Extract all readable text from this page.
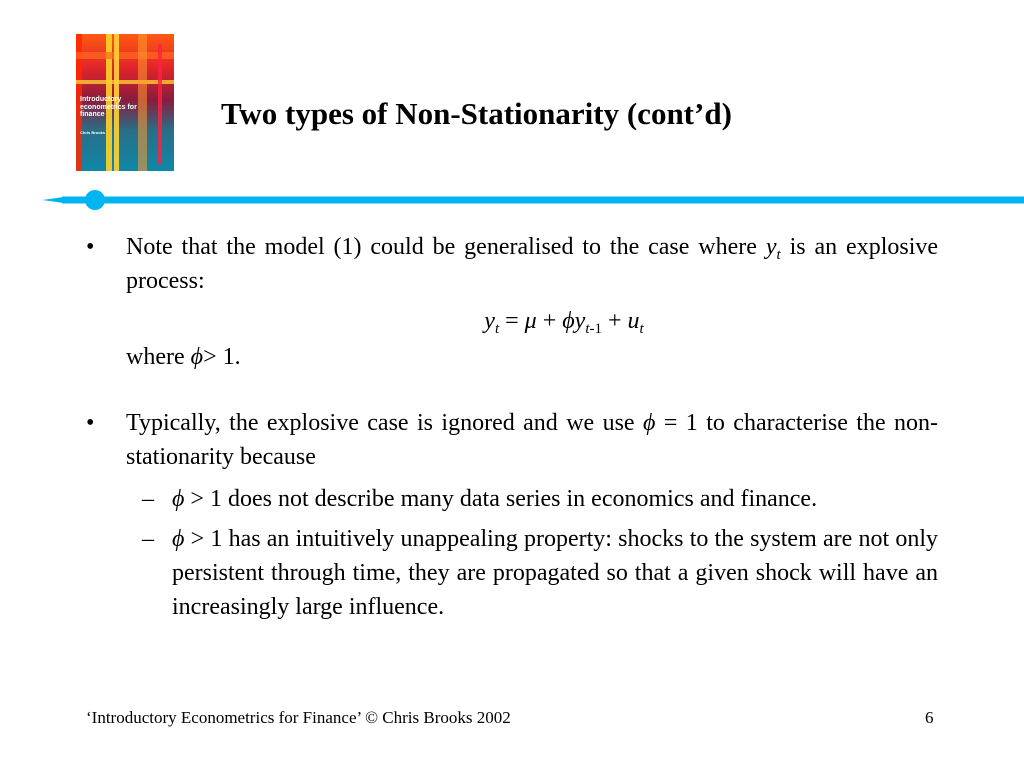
Introductory econometrics for finance
Chris Brooks
Two types of Non-Stationarity (cont’d)
• Note that the model (1) could be generalised to the case where $y_t$ is an explosive process:
$y_t = \mu + \phi y_{t-1} + u_t$
where ϕ> 1.
• Typically, the explosive case is ignored and we use ϕ = 1 to characterise the non-stationarity because
– ϕ > 1 does not describe many data series in economics and finance.
– ϕ > 1 has an intuitively unappealing property: shocks to the system are not only persistent through time, they are propagated so that a given shock will have an increasingly large influence.
‘Introductory Econometrics for Finance’ © Chris Brooks 2002	6
